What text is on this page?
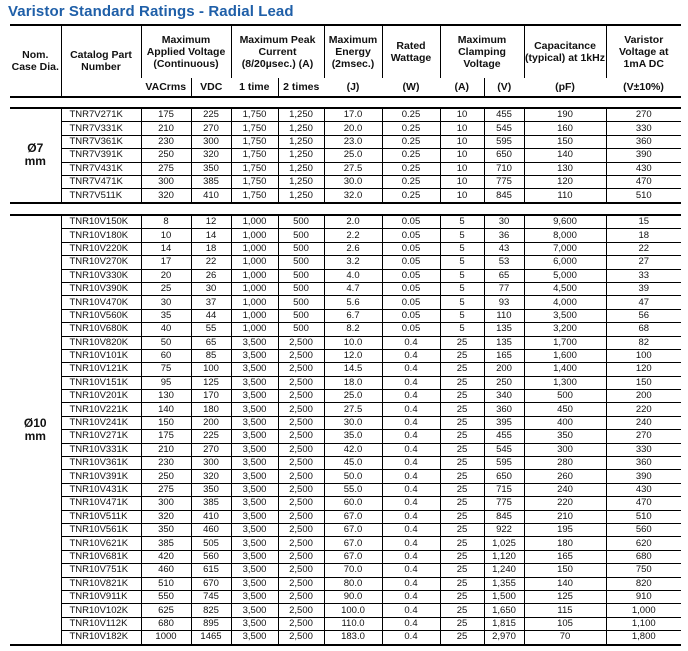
Varistor Standard Ratings - Radial Lead
Nom. Case Dia.	Catalog Part Number	Maximum Applied Voltage (Continuous)		Maximum Peak Current (8/20µsec.) (A)		Maximum Energy (2msec.)	Rated Wattage	Maximum Clamping Voltage		Capacitance (typical) at 1kHz	Varistor Voltage at 1mA DC
		VACrms	VDC	1 time	2 times	(J)	(W)	(A)	(V)	(pF)	(V±10%)
Ø7
mm	TNR7V271K	175	225	1,750	1,250	17.0	0.25	10	455	190	270
	TNR7V331K	210	270	1,750	1,250	20.0	0.25	10	545	160	330
	TNR7V361K	230	300	1,750	1,250	23.0	0.25	10	595	150	360
	TNR7V391K	250	320	1,750	1,250	25.0	0.25	10	650	140	390
	TNR7V431K	275	350	1,750	1,250	27.5	0.25	10	710	130	430
	TNR7V471K	300	385	1,750	1,250	30.0	0.25	10	775	120	470
	TNR7V511K	320	410	1,750	1,250	32.0	0.25	10	845	110	510
Ø10
mm	TNR10V150K	8	12	1,000	500	2.0	0.05	5	30	9,600	15
	TNR10V180K	10	14	1,000	500	2.2	0.05	5	36	8,000	18
	TNR10V220K	14	18	1,000	500	2.6	0.05	5	43	7,000	22
	TNR10V270K	17	22	1,000	500	3.2	0.05	5	53	6,000	27
	TNR10V330K	20	26	1,000	500	4.0	0.05	5	65	5,000	33
	TNR10V390K	25	30	1,000	500	4.7	0.05	5	77	4,500	39
	TNR10V470K	30	37	1,000	500	5.6	0.05	5	93	4,000	47
	TNR10V560K	35	44	1,000	500	6.7	0.05	5	110	3,500	56
	TNR10V680K	40	55	1,000	500	8.2	0.05	5	135	3,200	68
	TNR10V820K	50	65	3,500	2,500	10.0	0.4	25	135	1,700	82
	TNR10V101K	60	85	3,500	2,500	12.0	0.4	25	165	1,600	100
	TNR10V121K	75	100	3,500	2,500	14.5	0.4	25	200	1,400	120
	TNR10V151K	95	125	3,500	2,500	18.0	0.4	25	250	1,300	150
	TNR10V201K	130	170	3,500	2,500	25.0	0.4	25	340	500	200
	TNR10V221K	140	180	3,500	2,500	27.5	0.4	25	360	450	220
	TNR10V241K	150	200	3,500	2,500	30.0	0.4	25	395	400	240
	TNR10V271K	175	225	3,500	2,500	35.0	0.4	25	455	350	270
	TNR10V331K	210	270	3,500	2,500	42.0	0.4	25	545	300	330
	TNR10V361K	230	300	3,500	2,500	45.0	0.4	25	595	280	360
	TNR10V391K	250	320	3,500	2,500	50.0	0.4	25	650	260	390
	TNR10V431K	275	350	3,500	2,500	55.0	0.4	25	715	240	430
	TNR10V471K	300	385	3,500	2,500	60.0	0.4	25	775	220	470
	TNR10V511K	320	410	3,500	2,500	67.0	0.4	25	845	210	510
	TNR10V561K	350	460	3,500	2,500	67.0	0.4	25	922	195	560
	TNR10V621K	385	505	3,500	2,500	67.0	0.4	25	1,025	180	620
	TNR10V681K	420	560	3,500	2,500	67.0	0.4	25	1,120	165	680
	TNR10V751K	460	615	3,500	2,500	70.0	0.4	25	1,240	150	750
	TNR10V821K	510	670	3,500	2,500	80.0	0.4	25	1,355	140	820
	TNR10V911K	550	745	3,500	2,500	90.0	0.4	25	1,500	125	910
	TNR10V102K	625	825	3,500	2,500	100.0	0.4	25	1,650	115	1,000
	TNR10V112K	680	895	3,500	2,500	110.0	0.4	25	1,815	105	1,100
	TNR10V182K	1000	1465	3,500	2,500	183.0	0.4	25	2,970	70	1,800
